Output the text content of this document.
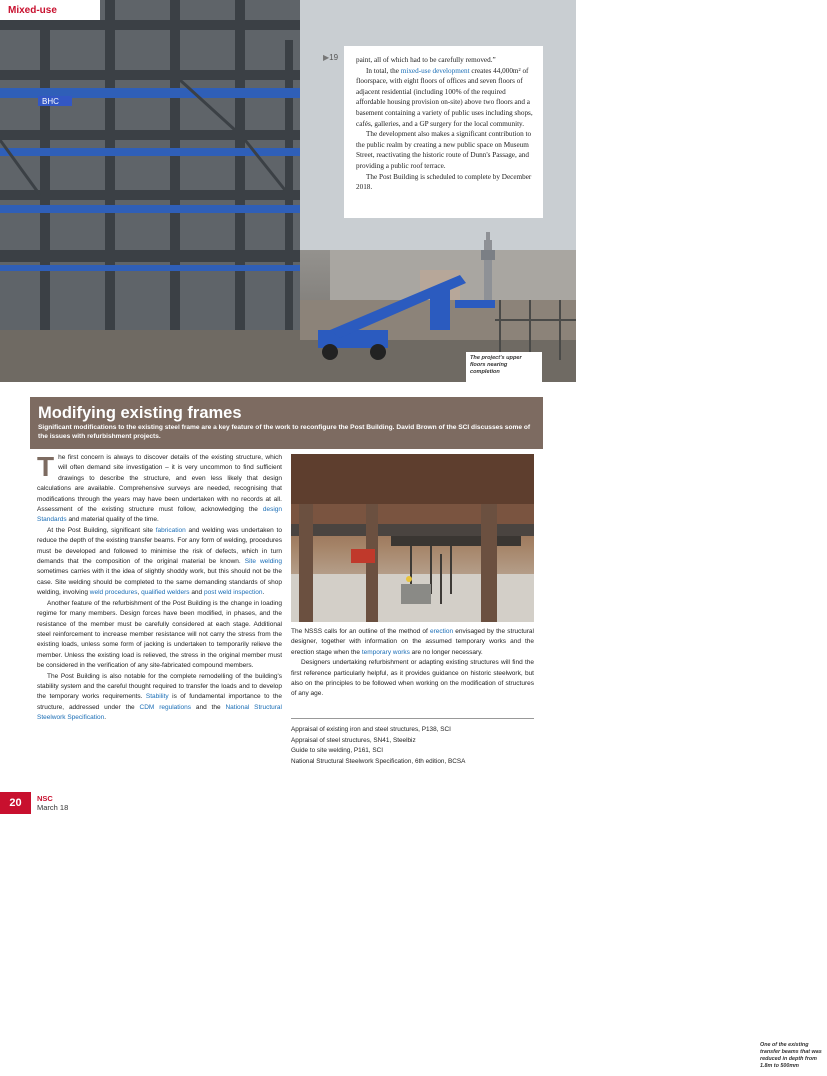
BHC
Mixed-use
▶19 paint, all of which had to be carefully removed.”

In total, the mixed-use development creates 44,000m² of floorspace, with eight floors of offices and seven floors of adjacent residential (including 100% of the required affordable housing provision on-site) above two floors and a basement containing a variety of public uses including shops, cafés, galleries, and a GP surgery for the local community.

The development also makes a significant contribution to the public realm by creating a new public space on Museum Street, reactivating the historic route of Dunn's Passage, and providing a public roof terrace.

The Post Building is scheduled to complete by December 2018.

The project's upper floors nearing completion
Modifying existing frames
Significant modifications to the existing steel frame are a key feature of the work to reconfigure the Post Building. David Brown of the SCI discusses some of the issues with refurbishment projects.

The first concern is always to discover details of the existing structure, which will often demand site investigation – it is very uncommon to find sufficient drawings to describe the structure, and even less likely that design calculations are available. Comprehensive surveys are needed, recognising that modifications through the years may have been undertaken with no records at all. Assessment of the existing structure must follow, acknowledging the design Standards and material quality of the time.

At the Post Building, significant site fabrication and welding was undertaken to reduce the depth of the existing transfer beams. For any form of welding, procedures must be developed and followed to minimise the risk of defects, which in turn demands that the composition of the original material be known. Site welding sometimes carries with it the idea of slightly shoddy work, but this should not be the case. Site welding should be completed to the same demanding standards of shop welding, involving weld procedures, qualified welders and post weld inspection.

Another feature of the refurbishment of the Post Building is the change in loading regime for many members. Design forces have been modified, in phases, and the resistance of the member must be carefully considered at each stage. Additional steel reinforcement to increase member resistance will not carry the stress from the existing loads, unless some form of jacking is undertaken to temporarily relieve the member. Unless the existing load is relieved, the stress in the original member must be considered in the verification of any site-fabricated compound members.

The Post Building is also notable for the complete remodelling of the building's stability system and the careful thought required to transfer the loads and to develop the temporary works requirements. Stability is of fundamental importance to the structure, addressed under the CDM regulations and the National Structural Steelwork Specification.

One of the existing transfer beams that was reduced in depth from 1.8m to 500mm

The NSSS calls for an outline of the method of erection envisaged by the structural designer, together with information on the assumed temporary works and the erection stage when the temporary works are no longer necessary.

Designers undertaking refurbishment or adapting existing structures will find the first reference particularly helpful, as it provides guidance on historic steelwork, but also on the principles to be followed when working on the modification of structures of any age.

Appraisal of existing iron and steel structures, P138, SCI
Appraisal of steel structures, SN41, Steelbiz
Guide to site welding, P161, SCI
National Structural Steelwork Specification, 6th edition, BCSA
20	NSC
March 18
